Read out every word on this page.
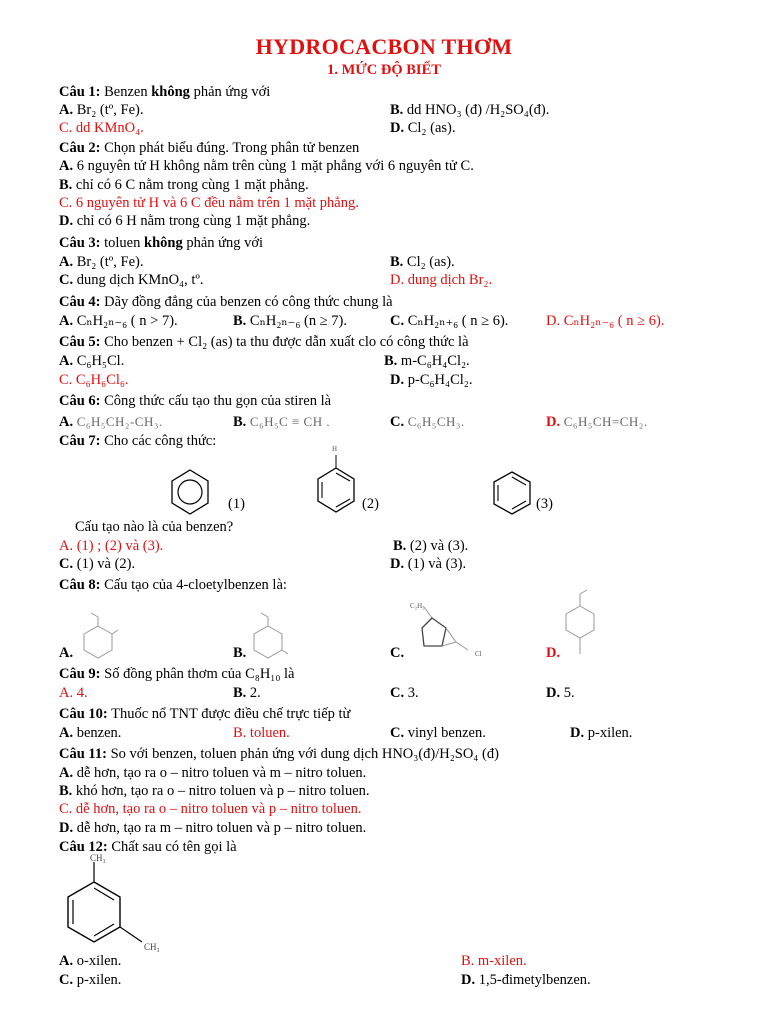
HYDROCACBON THƠM
1. MỨC ĐỘ BIẾT
Câu 1: Benzen không phản ứng với
A. Br₂ (tº, Fe).	B. dd HNO₃ (đ) /H₂SO₄(đ).
C. dd KMnO₄.	D. Cl₂ (as).
Câu 2: Chọn phát biểu đúng. Trong phân tử benzen
A. 6 nguyên tử H không nằm trên cùng 1 mặt phẳng với 6 nguyên tử C.
B. chỉ có 6 C nằm trong cùng 1 mặt phẳng.
C. 6 nguyên tử H và 6 C đều nằm trên 1 mặt phẳng.
D. chỉ có 6 H nằm trong cùng 1 mặt phẳng.
Câu 3: toluen không phản ứng với
A. Br₂ (tº, Fe).	B. Cl₂ (as).
C. dung dịch KMnO₄, tº.	D. dung dịch Br₂.
Câu 4: Dãy đồng đẳng của benzen có công thức chung là
A. CₙH₂ₙ₋₆ ( n > 7).	B. CₙH₂ₙ₋₆ (n ≥ 7).	C. CₙH₂ₙ₊₆ ( n ≥ 6).	D. CₙH₂ₙ₋₆ ( n ≥ 6).
Câu 5: Cho benzen + Cl₂ (as) ta thu được dẫn xuất clo có công thức là
A. C₆H₅Cl.	B. m-C₆H₄Cl₂.
C. C₆H₆Cl₆.	D. p-C₆H₄Cl₂.
Câu 6: Công thức cấu tạo thu gọn của stiren là
A. C₆H₅CH₂-CH₃.	B. C₆H₅C ≡ CH .	C. C₆H₅CH₃.	D. C₆H₅CH=CH₂.
Câu 7: Cho các công thức:
(1)
H
(2)	(3)
Cấu tạo nào là của benzen?
A. (1) ; (2) và (3).	B. (2) và (3).
C. (1) và (2).	D. (1) và (3).
Câu 8: Cấu tạo của 4-cloetylbenzen là:
A.	B.	C.
C₂H₅
Cl	D.
Câu 9: Số đồng phân thơm của C₈H₁₀ là
A. 4.	B. 2.	C. 3.	D. 5.
Câu 10: Thuốc nổ TNT được điều chế trực tiếp từ
A. benzen.	B. toluen.	C. vinyl benzen.	D. p-xilen.
Câu 11: So với benzen, toluen phản ứng với dung dịch HNO₃(đ)/H₂SO₄ (đ)
A. dễ hơn, tạo ra o – nitro toluen và m – nitro toluen.
B. khó hơn, tạo ra o – nitro toluen và p – nitro toluen.
C. dễ hơn, tạo ra o – nitro toluen và p – nitro toluen.
D. dễ hơn, tạo ra m – nitro toluen và p – nitro toluen.
Câu 12: Chất sau có tên gọi là
CH₃
CH₃
A. o-xilen.	B. m-xilen.
C. p-xilen.	D. 1,5-đimetylbenzen.
